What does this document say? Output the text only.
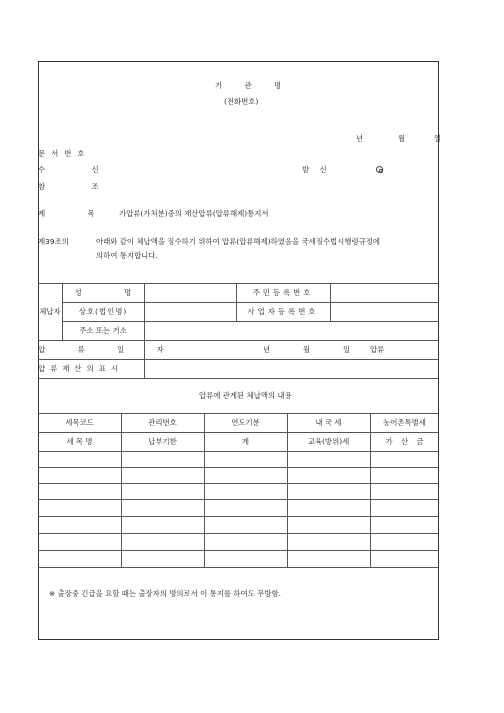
기 관 명
(전화번호)
년	월	일
문서번호
수 신	발 신
참 조
제 목	가압류(가처분)중의 재산압류(압류해제)통지서
제39조의	아래와 같이 체납액을 징수하기 위하여 압류(압류해제)하였음을 국세징수법시행령규정에
의하여 통지합니다.
체납자
성 명	주민등록번호
상호(법인명)	사업자등록번호
주소 또는 거소
압 류 일 자	년	월	일	압류
압류재산의표시
압류에 관계된 체납액의 내용
세목코드	관리번호	연도기분	내 국 세	농어촌특별세
세 목 명	납부기한	계	교육(방위)세	가 산 금
※ 출장중 긴급을 요할 때는 출장자의 명의로서 이 통지를 하여도 무방함.
